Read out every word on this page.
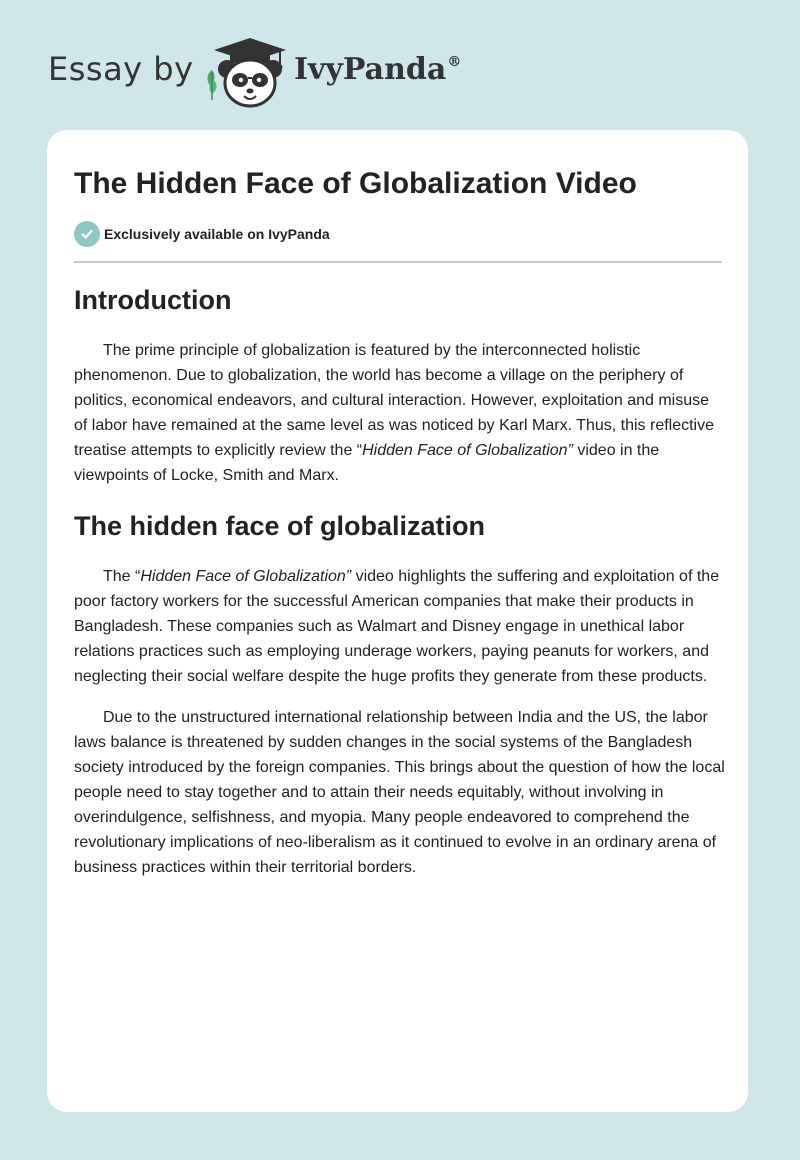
Essay by	IvyPanda®
The Hidden Face of Globalization Video
Exclusively available on IvyPanda
Introduction

The prime principle of globalization is featured by the interconnected holistic phenomenon. Due to globalization, the world has become a village on the periphery of politics, economical endeavors, and cultural interaction. However, exploitation and misuse of labor have remained at the same level as was noticed by Karl Marx. Thus, this reflective treatise attempts to explicitly review the “Hidden Face of Globalization” video in the viewpoints of Locke, Smith and Marx.

The hidden face of globalization

The “Hidden Face of Globalization” video highlights the suffering and exploitation of the poor factory workers for the successful American companies that make their products in Bangladesh. These companies such as Walmart and Disney engage in unethical labor relations practices such as employing underage workers, paying peanuts for workers, and neglecting their social welfare despite the huge profits they generate from these products.

Due to the unstructured international relationship between India and the US, the labor laws balance is threatened by sudden changes in the social systems of the Bangladesh society introduced by the foreign companies. This brings about the question of how the local people need to stay together and to attain their needs equitably, without involving in overindulgence, selfishness, and myopia. Many people endeavored to comprehend the revolutionary implications of neo-liberalism as it continued to evolve in an ordinary arena of business practices within their territorial borders.
